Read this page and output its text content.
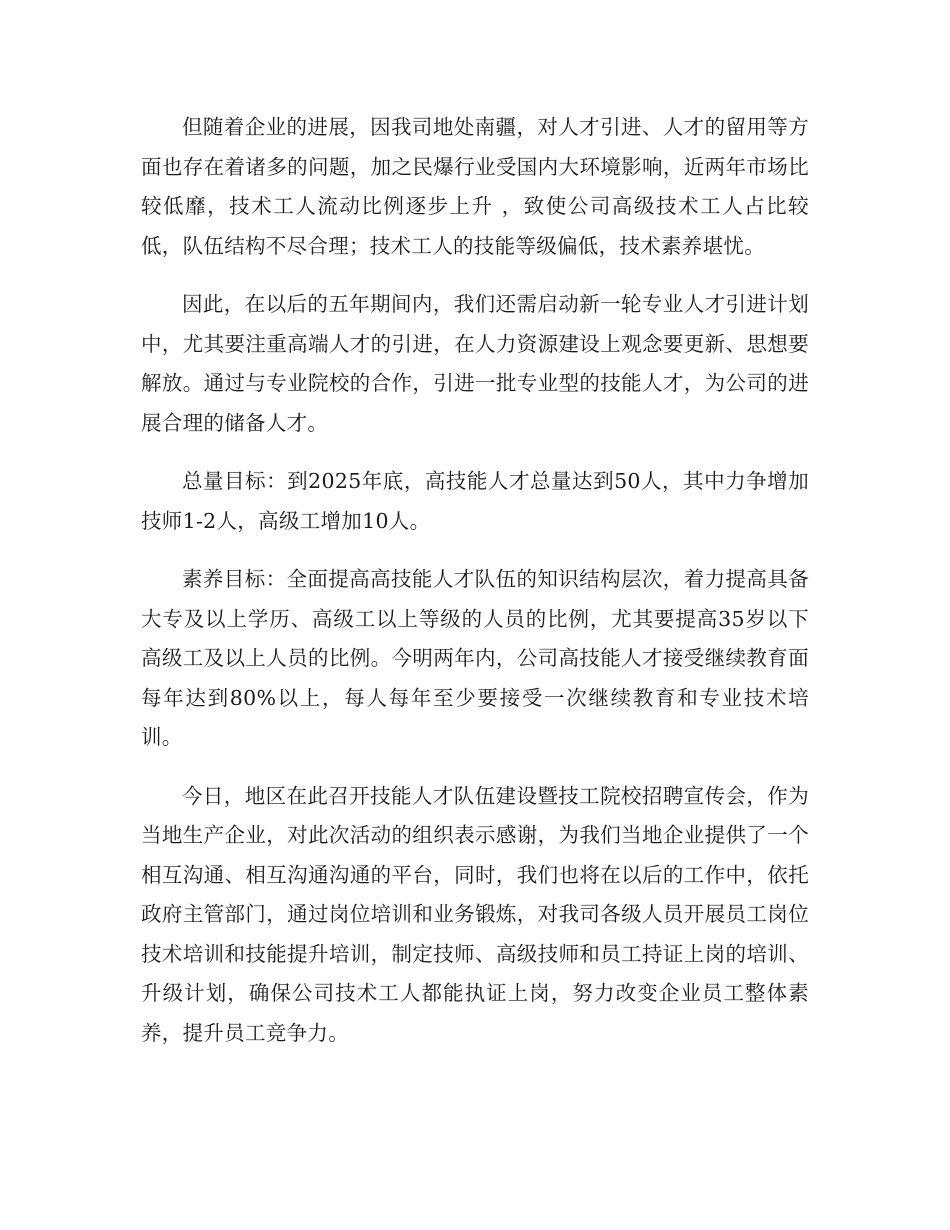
但随着企业的进展，因我司地处南疆，对人才引进、人才的留用等方面也存在着诸多的问题，加之民爆行业受国内大环境影响，近两年市场比较低靡，技术工人流动比例逐步上升 ，致使公司高级技术工人占比较低，队伍结构不尽合理；技术工人的技能等级偏低，技术素养堪忧。

因此，在以后的五年期间内，我们还需启动新一轮专业人才引进计划中，尤其要注重高端人才的引进，在人力资源建设上观念要更新、思想要解放。通过与专业院校的合作，引进一批专业型的技能人才，为公司的进展合理的储备人才。

总量目标：到2025年底，高技能人才总量达到50人，其中力争增加技师1-2人，高级工增加10人。

素养目标：全面提高高技能人才队伍的知识结构层次，着力提高具备大专及以上学历、高级工以上等级的人员的比例，尤其要提高35岁以下高级工及以上人员的比例。今明两年内，公司高技能人才接受继续教育面每年达到80%以上，每人每年至少要接受一次继续教育和专业技术培训。

今日，地区在此召开技能人才队伍建设暨技工院校招聘宣传会，作为当地生产企业，对此次活动的组织表示感谢，为我们当地企业提供了一个相互沟通、相互沟通沟通的平台，同时，我们也将在以后的工作中，依托政府主管部门，通过岗位培训和业务锻炼，对我司各级人员开展员工岗位技术培训和技能提升培训，制定技师、高级技师和员工持证上岗的培训、升级计划，确保公司技术工人都能执证上岗，努力改变企业员工整体素养，提升员工竞争力。
